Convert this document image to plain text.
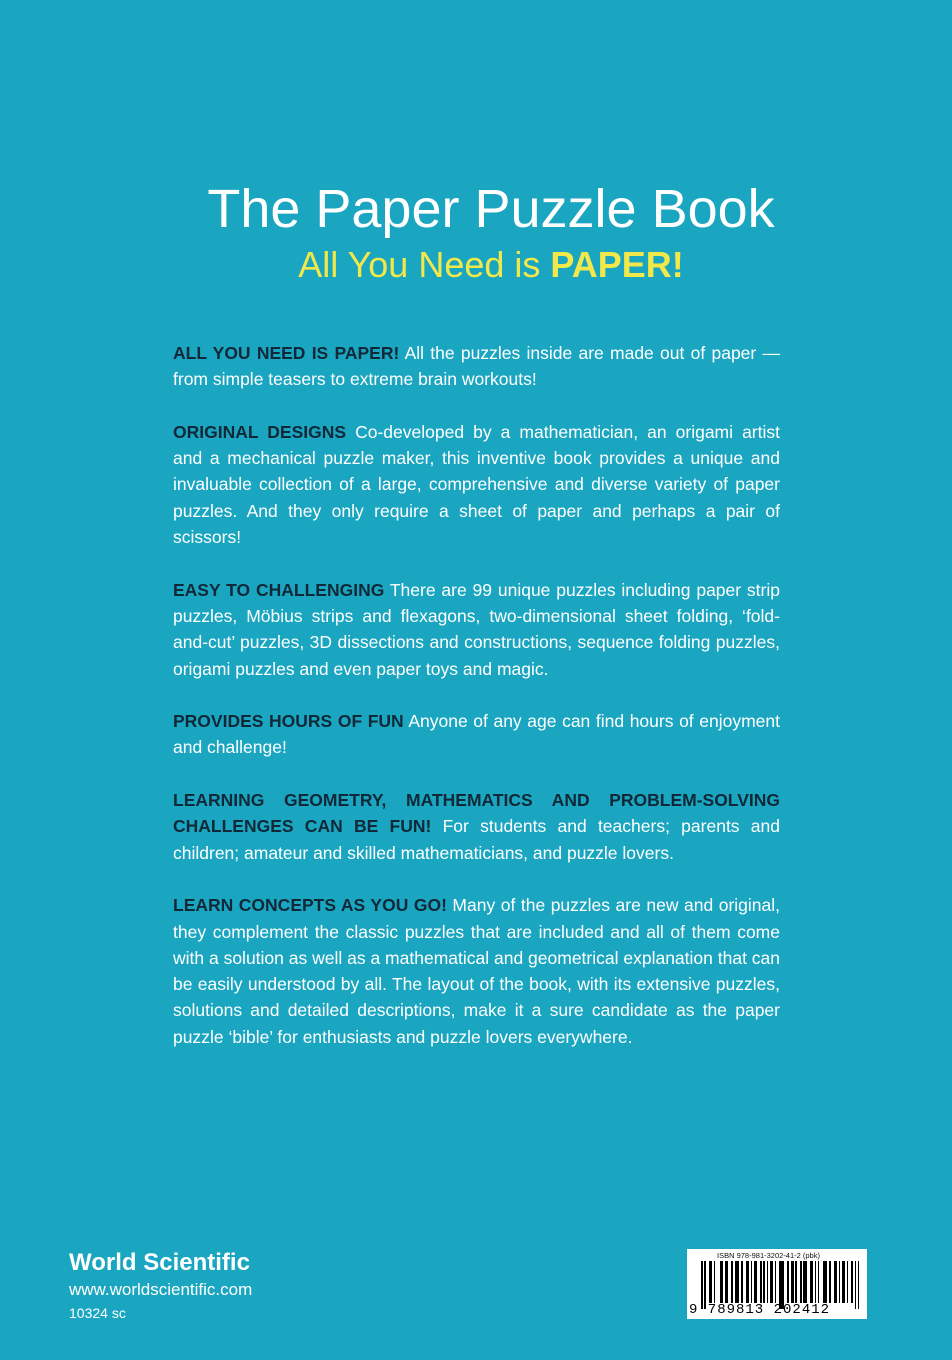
The Paper Puzzle Book
All You Need is PAPER!

ALL YOU NEED IS PAPER! All the puzzles inside are made out of paper — from simple teasers to extreme brain workouts!

ORIGINAL DESIGNS Co-developed by a mathematician, an origami artist and a mechanical puzzle maker, this inventive book provides a unique and invaluable collection of a large, comprehensive and diverse variety of paper puzzles. And they only require a sheet of paper and perhaps a pair of scissors!

EASY TO CHALLENGING There are 99 unique puzzles including paper strip puzzles, Möbius strips and flexagons, two-dimensional sheet folding, ‘fold-and-cut’ puzzles, 3D dissections and constructions, sequence folding puzzles, origami puzzles and even paper toys and magic.

PROVIDES HOURS OF FUN Anyone of any age can find hours of enjoyment and challenge!

LEARNING GEOMETRY, MATHEMATICS AND PROBLEM-SOLVING CHALLENGES CAN BE FUN! For students and teachers; parents and children; amateur and skilled mathematicians, and puzzle lovers.

LEARN CONCEPTS AS YOU GO! Many of the puzzles are new and original, they complement the classic puzzles that are included and all of them come with a solution as well as a mathematical and geometrical explanation that can be easily understood by all. The layout of the book, with its extensive puzzles, solutions and detailed descriptions, make it a sure candidate as the paper puzzle ‘bible’ for enthusiasts and puzzle lovers everywhere.

World Scientific
www.worldscientific.com
10324 sc
ISBN 978-981-3202-41-2 (pbk)
9 789813 202412
